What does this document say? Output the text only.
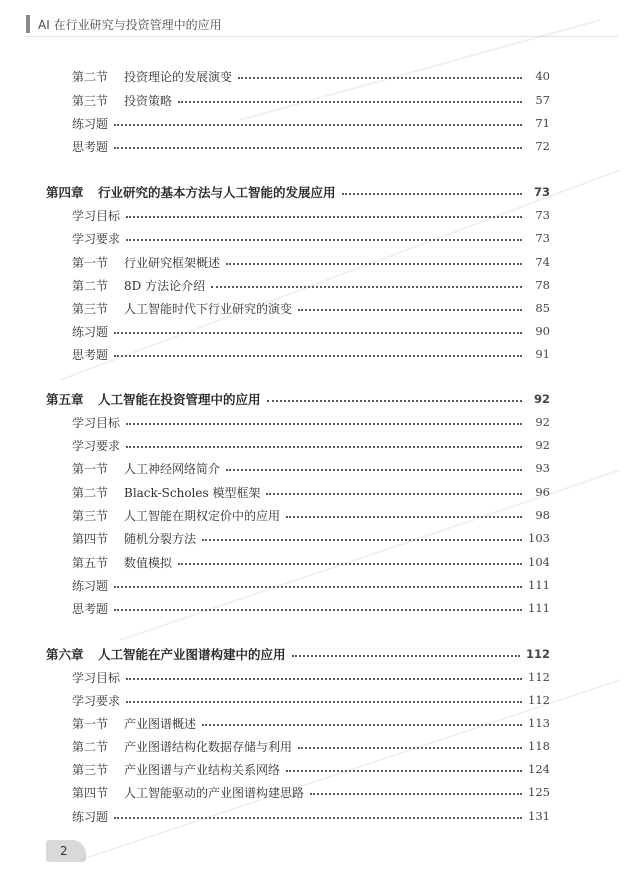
AI 在行业研究与投资管理中的应用
第二节	投资理论的发展演变	40
第三节	投资策略	57
练习题	71
思考题	72
第四章	行业研究的基本方法与人工智能的发展应用	73
学习目标	73
学习要求	73
第一节	行业研究框架概述	74
第二节	8D 方法论介绍	78
第三节	人工智能时代下行业研究的演变	85
练习题	90
思考题	91
第五章	人工智能在投资管理中的应用	92
学习目标	92
学习要求	92
第一节	人工神经网络简介	93
第二节	Black-Scholes 模型框架	96
第三节	人工智能在期权定价中的应用	98
第四节	随机分裂方法	103
第五节	数值模拟	104
练习题	111
思考题	111
第六章	人工智能在产业图谱构建中的应用	112
学习目标	112
学习要求	112
第一节	产业图谱概述	113
第二节	产业图谱结构化数据存储与利用	118
第三节	产业图谱与产业结构关系网络	124
第四节	人工智能驱动的产业图谱构建思路	125
练习题	131
2
